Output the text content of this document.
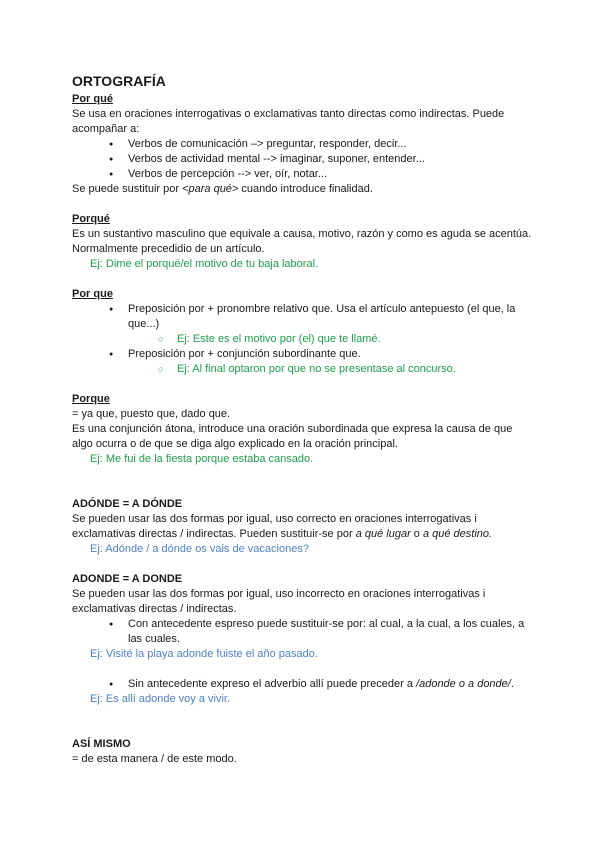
ORTOGRAFÍA

Por qué

Se usa en oraciones interrogativas o exclamativas tanto directas como indirectas. Puede acompañar a:

● Verbos de comunicación –> preguntar, responder, decir...
● Verbos de actividad mental --> imaginar, suponer, entender...
● Verbos de percepción --> ver, oír, notar...

Se puede sustituir por <para qué> cuando introduce finalidad.

Porqué

Es un sustantivo masculino que equivale a causa, motivo, razón y como es aguda se acentúa. Normalmente precedidio de un artículo.

Ej: Dime el porqué/el motivo de tu baja laboral.

Por que

● Preposición por + pronombre relativo que. Usa el artículo antepuesto (el que, la que...)
○ Ej: Este es el motivo por (el) que te llamé.
● Preposición por + conjunción subordinante que.
○ Ej: Al final optaron por que no se presentase al concurso.

Porque

= ya que, puesto que, dado que.

Es una conjunción átona, introduce una oración subordinada que expresa la causa de que algo ocurra o de que se diga algo explicado en la oración principal.

Ej: Me fui de la fiesta porque estaba cansado.

ADÓNDE = A DÓNDE

Se pueden usar las dos formas por igual, uso correcto en oraciones interrogativas i exclamativas directas / indirectas. Pueden sustituir-se por a qué lugar o a qué destino.

Ej: Adónde / a dónde os vais de vacaciones?

ADONDE = A DONDE

Se pueden usar las dos formas por igual, uso incorrecto en oraciones interrogativas i exclamativas directas / indirectas.

● Con antecedente espreso puede sustituir-se por: al cual, a la cual, a los cuales, a las cuales.

Ej: Visité la playa adonde fuiste el año pasado.

● Sin antecedente expreso el adverbio allí puede preceder a /adonde o a donde/.

Ej: Es allí adonde voy a vivir.

ASÍ MISMO

= de esta manera / de este modo.
